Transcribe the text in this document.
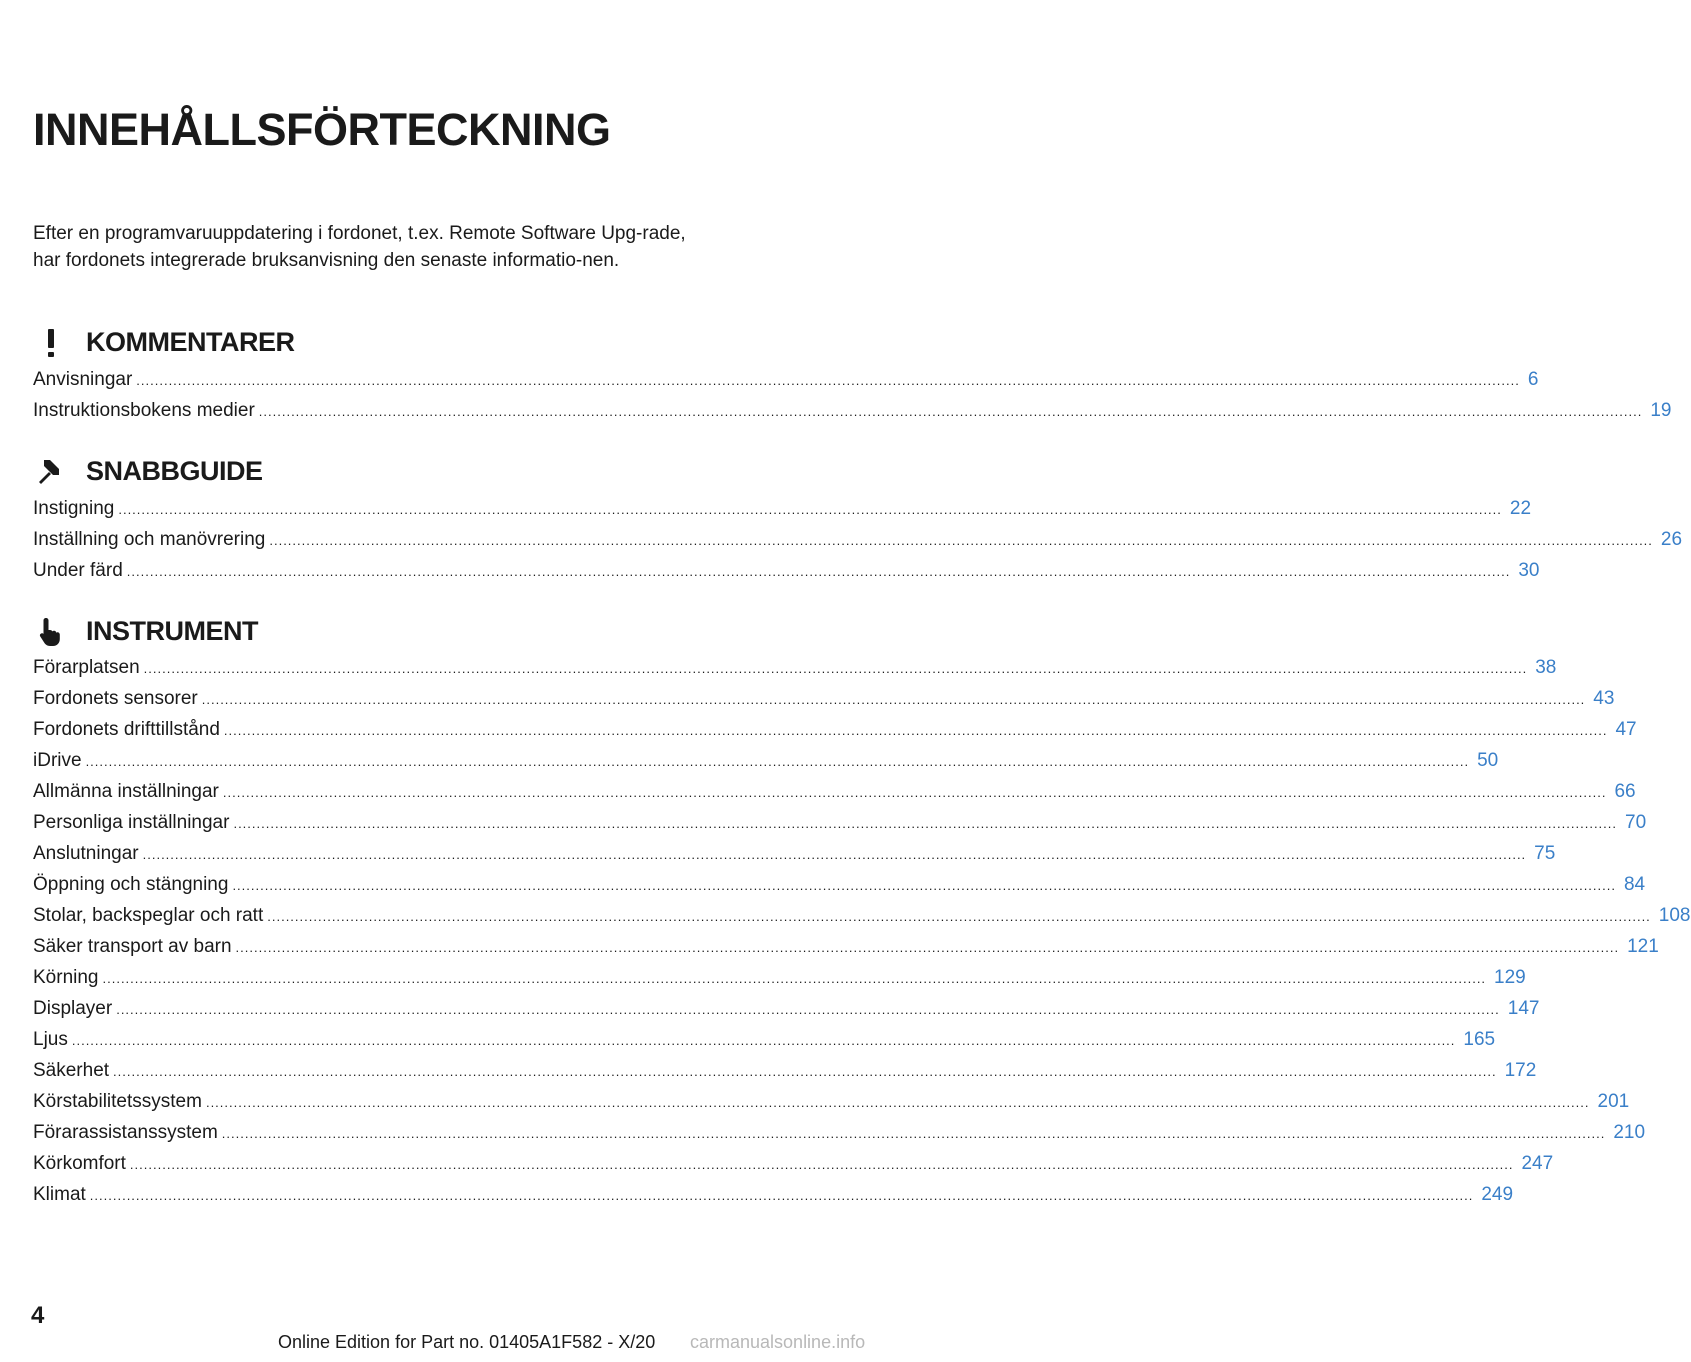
INNEHÅLLSFÖRTECKNING

Efter en programvaruuppdatering i fordonet, t.ex. Remote Software Upg-rade, har fordonets integrerade bruksanvisning den senaste informatio-nen.

KOMMENTARER
Anvisningar ............................................................................................................................................................................................................................................................................................................ 6
Instruktionsbokens medier ............................................................................................................................................................................................................................................................................................................ 19
SNABBGUIDE
Instigning ............................................................................................................................................................................................................................................................................................................ 22
Inställning och manövrering ............................................................................................................................................................................................................................................................................................................ 26
Under färd ............................................................................................................................................................................................................................................................................................................ 30
INSTRUMENT
Förarplatsen ............................................................................................................................................................................................................................................................................................................ 38
Fordonets sensorer ............................................................................................................................................................................................................................................................................................................ 43
Fordonets drifttillstånd ............................................................................................................................................................................................................................................................................................................ 47
iDrive ............................................................................................................................................................................................................................................................................................................ 50
Allmänna inställningar ............................................................................................................................................................................................................................................................................................................ 66
Personliga inställningar ............................................................................................................................................................................................................................................................................................................ 70
Anslutningar ............................................................................................................................................................................................................................................................................................................ 75
Öppning och stängning ............................................................................................................................................................................................................................................................................................................ 84
Stolar, backspeglar och ratt ............................................................................................................................................................................................................................................................................................................ 108
Säker transport av barn ............................................................................................................................................................................................................................................................................................................ 121
Körning ............................................................................................................................................................................................................................................................................................................ 129
Displayer ............................................................................................................................................................................................................................................................................................................ 147
Ljus ............................................................................................................................................................................................................................................................................................................ 165
Säkerhet ............................................................................................................................................................................................................................................................................................................ 172
Körstabilitetssystem ............................................................................................................................................................................................................................................................................................................ 201
Förarassistanssystem ............................................................................................................................................................................................................................................................................................................ 210
Körkomfort ............................................................................................................................................................................................................................................................................................................ 247
Klimat ............................................................................................................................................................................................................................................................................................................ 249

4

Online Edition for Part no. 01405A1F582 - X/20 carmanualsonline.info
